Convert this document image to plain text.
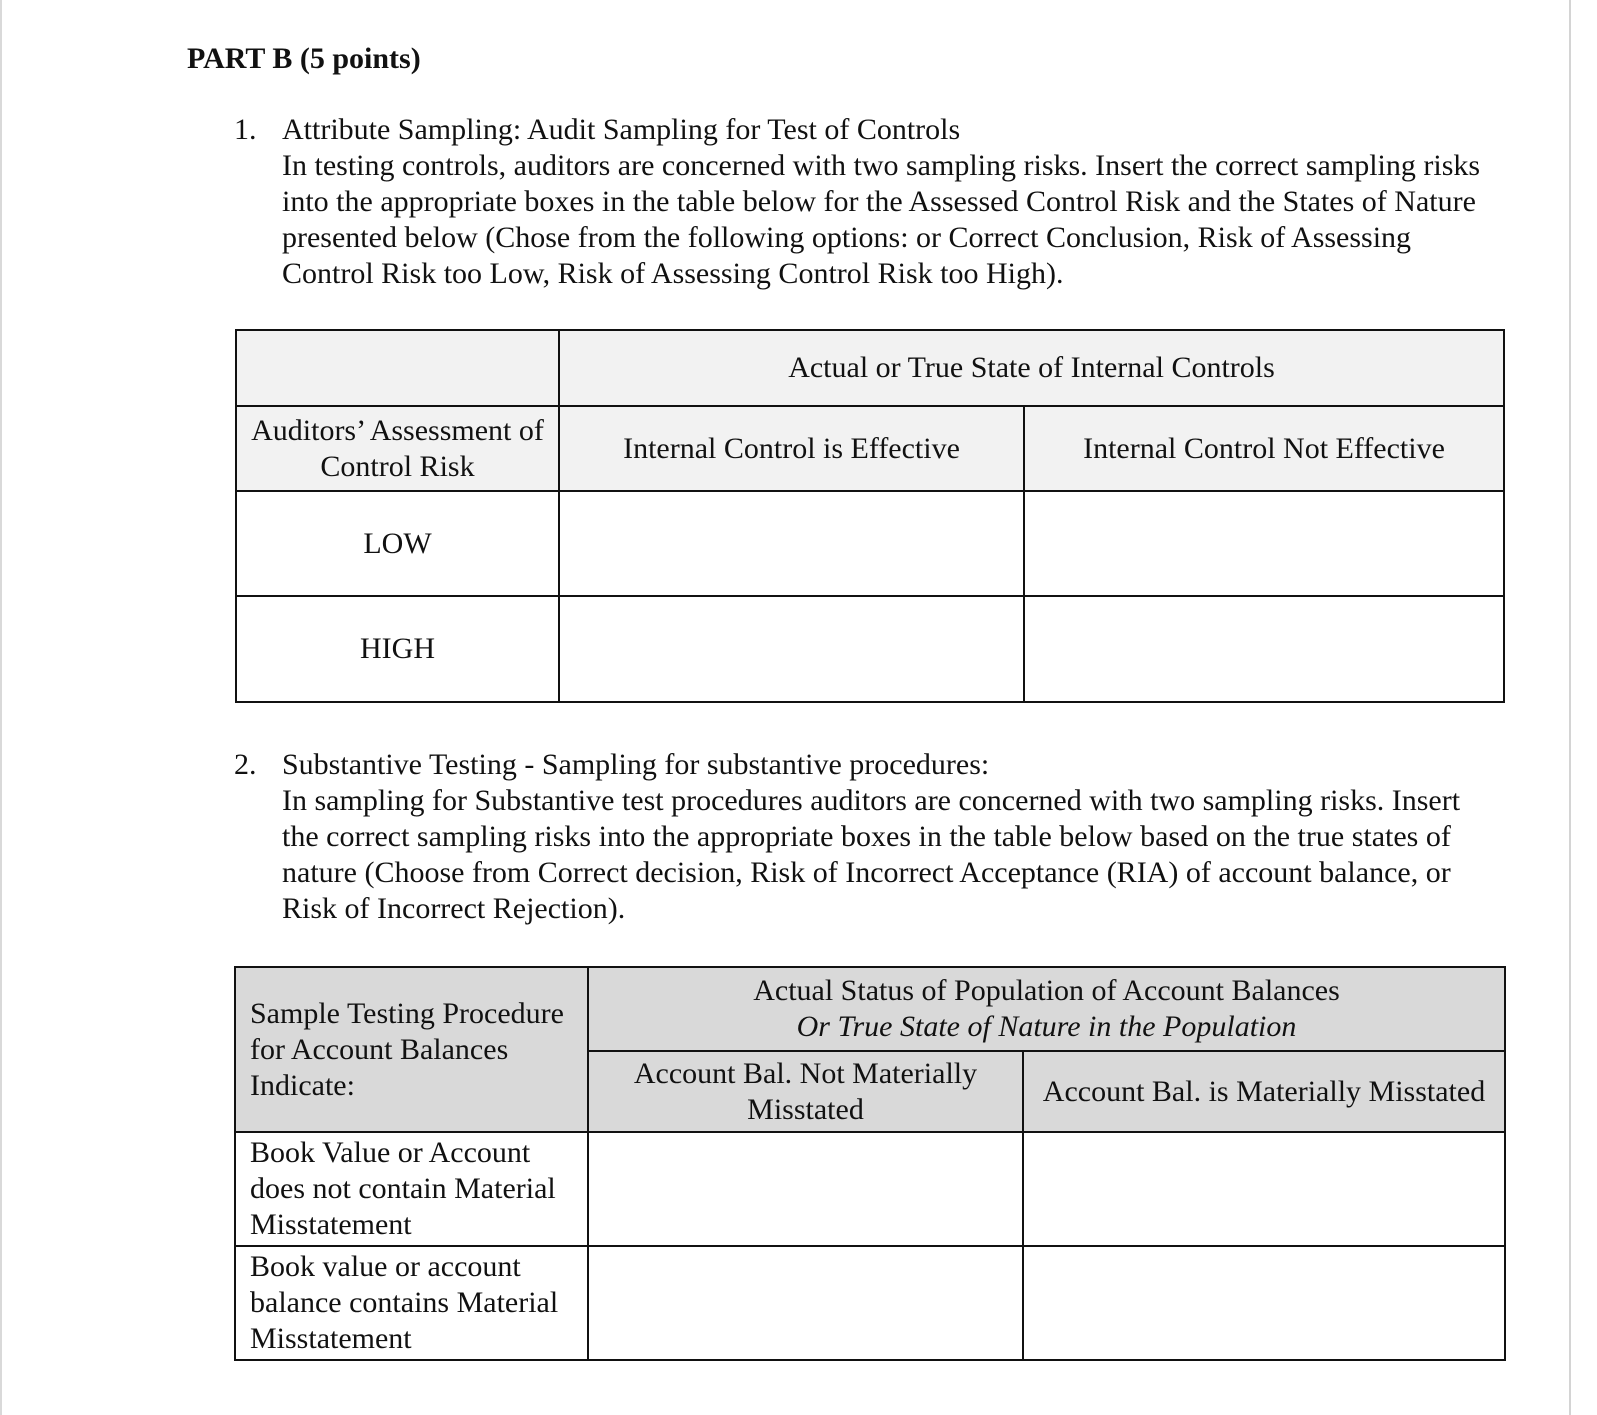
PART B (5 points)
1. Attribute Sampling: Audit Sampling for Test of Controls

In testing controls, auditors are concerned with two sampling risks. Insert the correct sampling risks into the appropriate boxes in the table below for the Assessed Control Risk and the States of Nature presented below (Chose from the following options: or Correct Conclusion, Risk of Assessing Control Risk too Low, Risk of Assessing Control Risk too High).

	Actual or True State of Internal Controls	
Auditors’ Assessment of Control Risk	Internal Control is Effective	Internal Control Not Effective
LOW		
HIGH		
2. Substantive Testing - Sampling for substantive procedures:

In sampling for Substantive test procedures auditors are concerned with two sampling risks. Insert the correct sampling risks into the appropriate boxes in the table below based on the true states of nature (Choose from Correct decision, Risk of Incorrect Acceptance (RIA) of account balance, or Risk of Incorrect Rejection).

Sample Testing Procedure for Account Balances Indicate:	Actual Status of Population of Account Balances
Or True State of Nature in the Population	

	Account Bal. Not Materially Misstated	Account Bal. is Materially Misstated
Book Value or Account does not contain Material Misstatement		
Book value or account balance contains Material Misstatement		
